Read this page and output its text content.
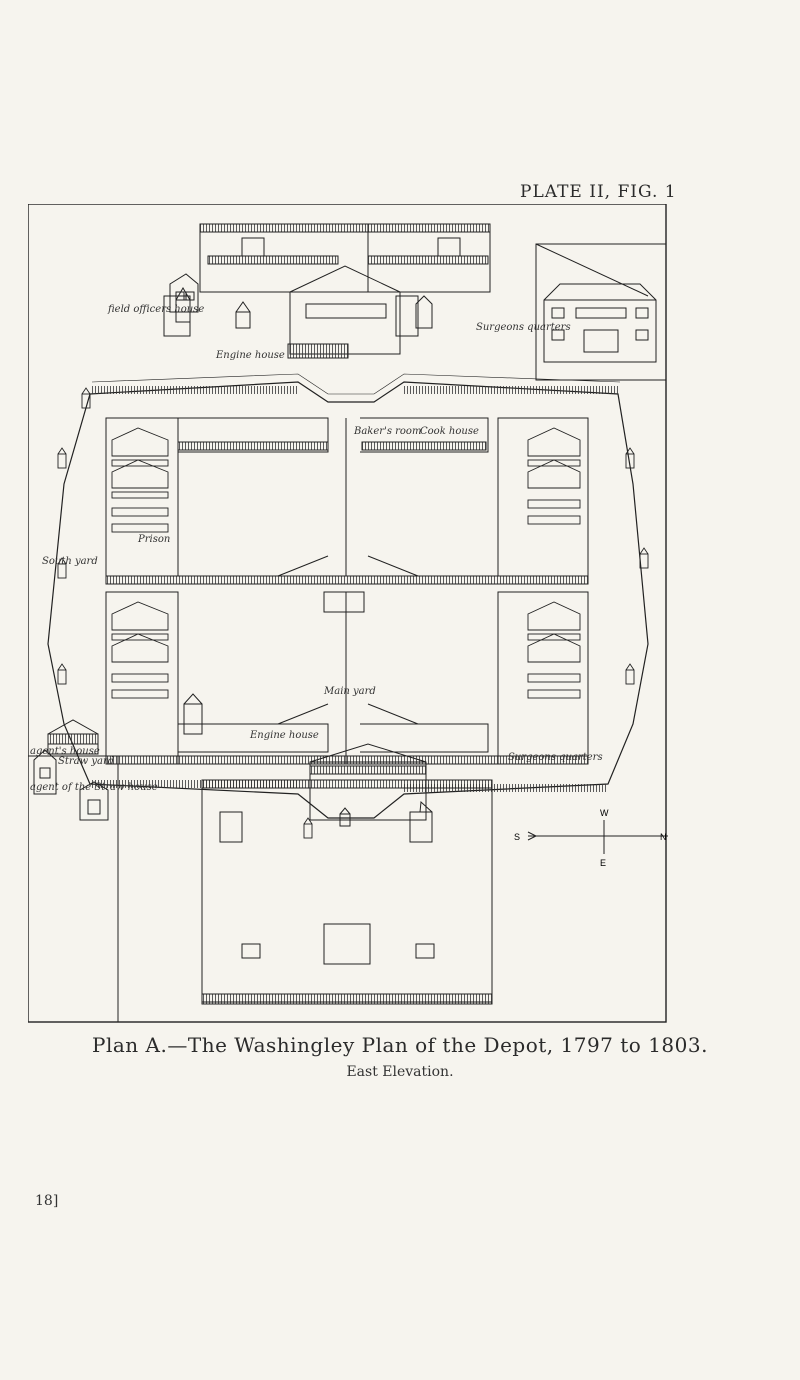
PLATE II, FIG. 1
field officers house
Engine house
Surgeons quarters
Prison
South yard
Baker's room
Cook house
agent's house
Straw yard
agent of the Straw house
Main yard
Engine house
Surgeons quarters
W
S	N
E
Plan A.—The Washingley Plan of the Depot, 1797 to 1803.
East Elevation.
18]
